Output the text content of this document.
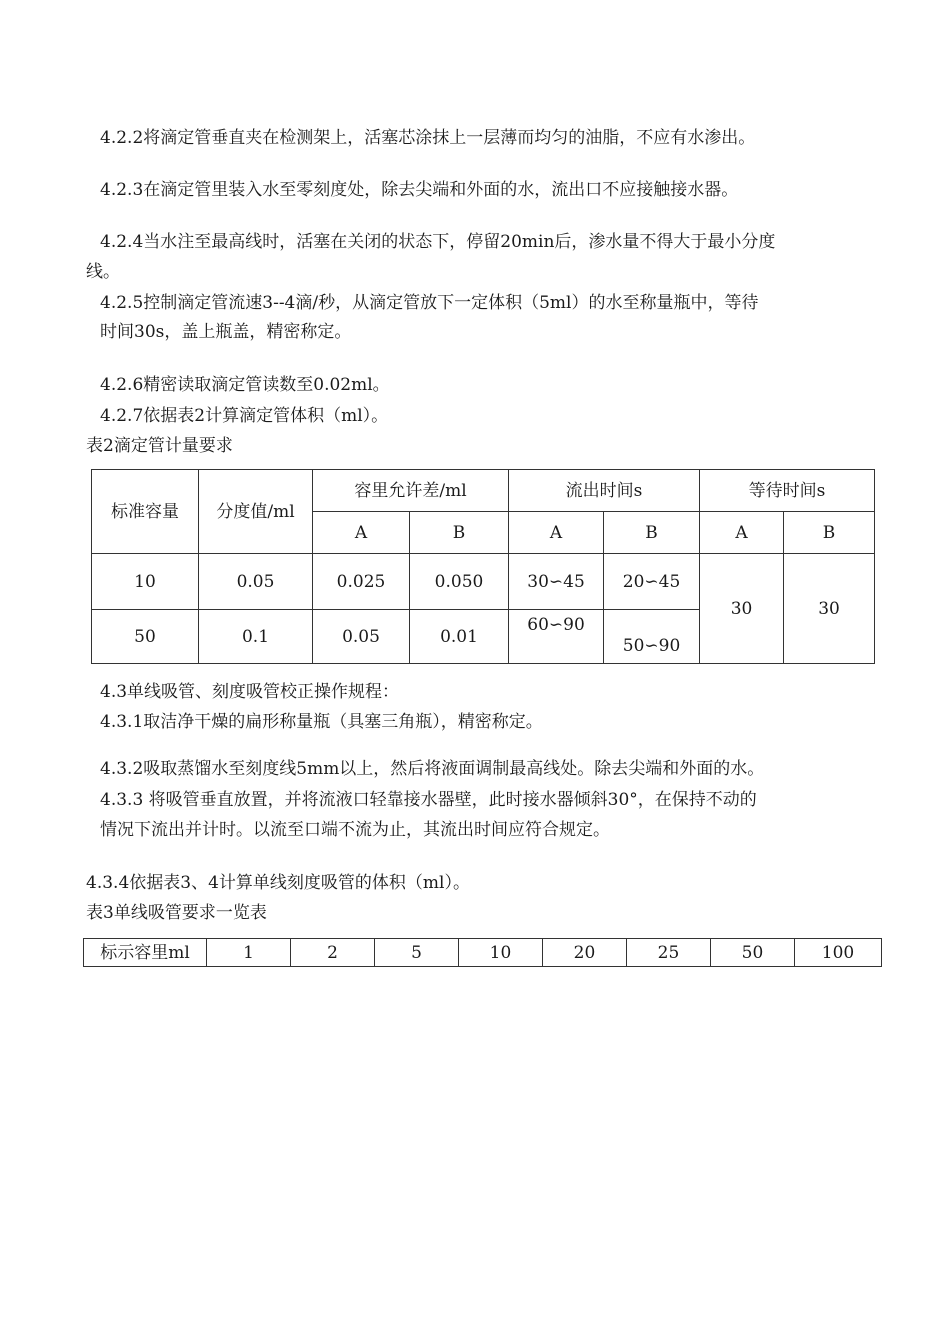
4.2.2将滴定管垂直夹在检测架上，活塞芯涂抹上一层薄而均匀的油脂，不应有水渗出。
4.2.3在滴定管里装入水至零刻度处，除去尖端和外面的水，流出口不应接触接水器。
4.2.4当水注至最高线时，活塞在关闭的状态下，停留20min后，渗水量不得大于最小分度
线。
4.2.5控制滴定管流速3--4滴/秒，从滴定管放下一定体积（5ml）的水至称量瓶中，等待
时间30s，盖上瓶盖，精密称定。
4.2.6精密读取滴定管读数至0.02ml。
4.2.7依据表2计算滴定管体积（ml）。
表2滴定管计量要求
标准容量	分度值/ml	容里允许差/ml		流出时间s		等待时间s	
		A	B	A	B	A	B
10	0.05	0.025	0.050	30∽45	20∽45	30	30
50	0.1	0.05	0.01	60∽90	50∽90		
4.3单线吸管、刻度吸管校正操作规程：
4.3.1取洁净干燥的扁形称量瓶（具塞三角瓶），精密称定。
4.3.2吸取蒸馏水至刻度线5mm以上，然后将液面调制最高线处。除去尖端和外面的水。
4.3.3 将吸管垂直放置，并将流液口轻靠接水器壁，此时接水器倾斜30°，在保持不动的
情况下流出并计时。以流至口端不流为止，其流出时间应符合规定。
4.3.4依据表3、4计算单线刻度吸管的体积（ml）。
表3单线吸管要求一览表
标示容里ml	1	2	5	10	20	25	50	100
